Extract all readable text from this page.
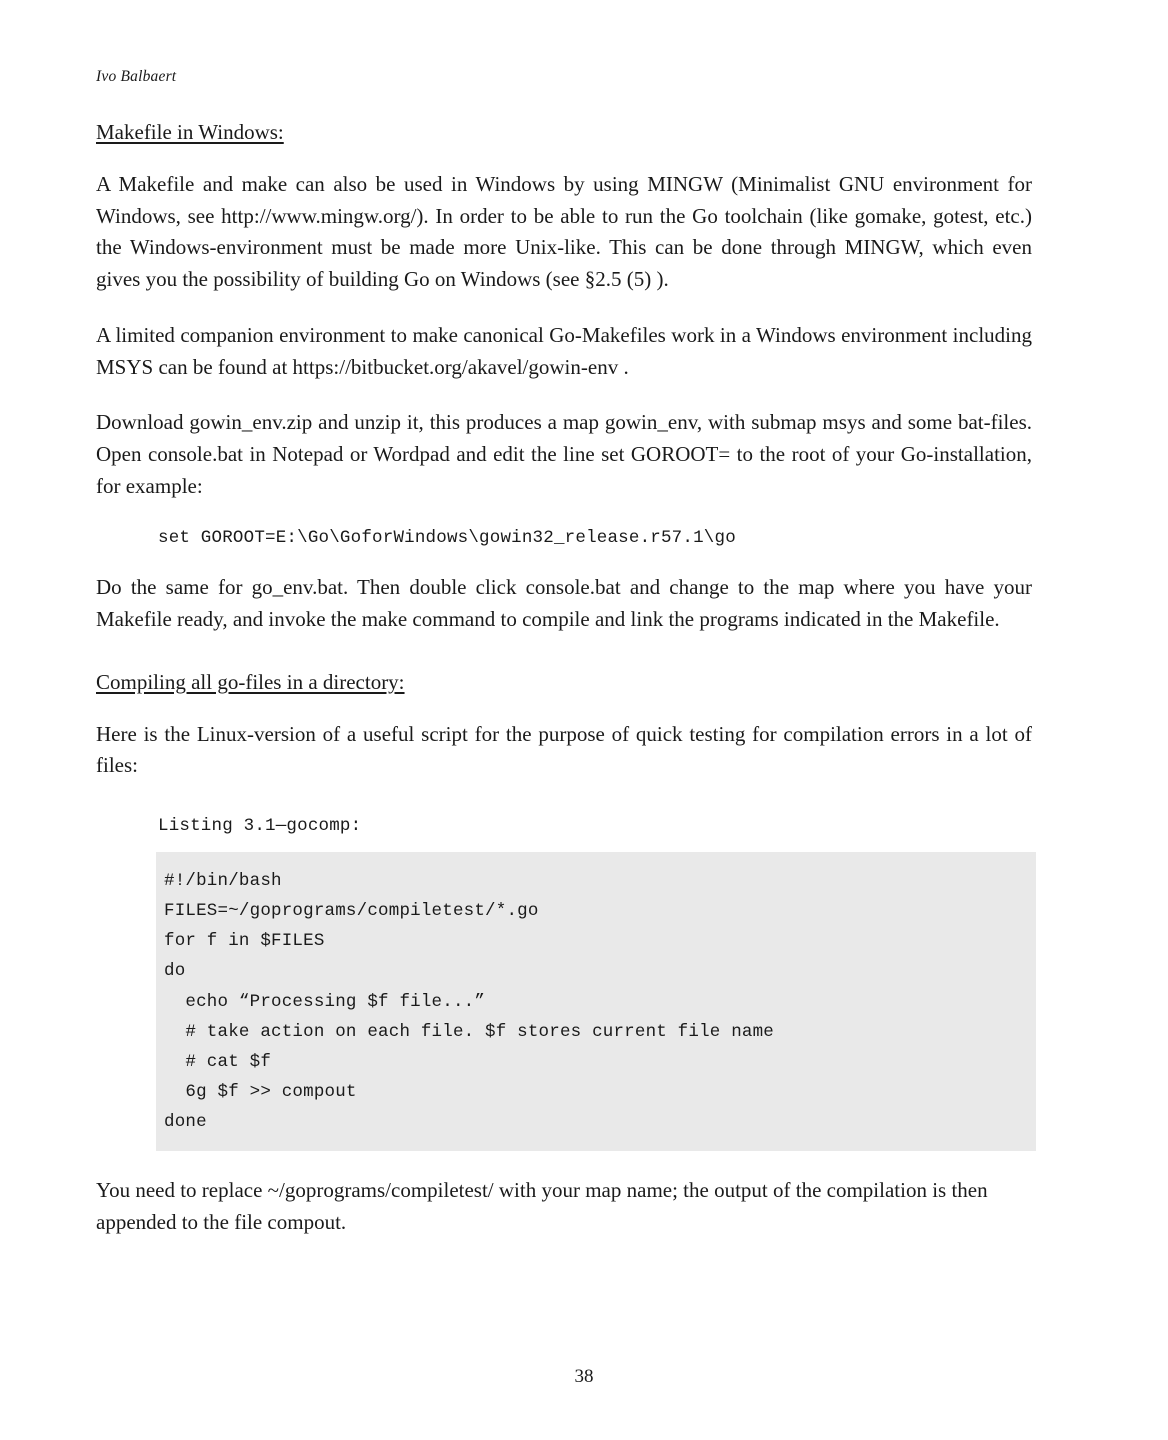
Ivo Balbaert
Makefile in Windows:

A Makefile and make can also be used in Windows by using MINGW (Minimalist GNU environment for Windows, see http://www.mingw.org/). In order to be able to run the Go toolchain (like gomake, gotest, etc.) the Windows-environment must be made more Unix-like. This can be done through MINGW, which even gives you the possibility of building Go on Windows (see §2.5 (5) ).

A limited companion environment to make canonical Go-Makefiles work in a Windows environment including MSYS can be found at https://bitbucket.org/akavel/gowin-env .

Download gowin_env.zip and unzip it, this produces a map gowin_env, with submap msys and some bat-files. Open console.bat in Notepad or Wordpad and edit the line set GOROOT= to the root of your Go-installation, for example:

set GOROOT=E:\Go\GoforWindows\gowin32_release.r57.1\go

Do the same for go_env.bat. Then double click console.bat and change to the map where you have your Makefile ready, and invoke the make command to compile and link the programs indicated in the Makefile.

Compiling all go-files in a directory:

Here is the Linux-version of a useful script for the purpose of quick testing for compilation errors in a lot of files:

Listing 3.1—gocomp:
#!/bin/bash
FILES=~/goprograms/compiletest/*.go
for f in $FILES
do
echo “Processing $f file...”
# take action on each file. $f stores current file name
# cat $f
6g $f >> compout
done

You need to replace ~/goprograms/compiletest/ with your map name; the output of the compilation is then appended to the file compout.

38
